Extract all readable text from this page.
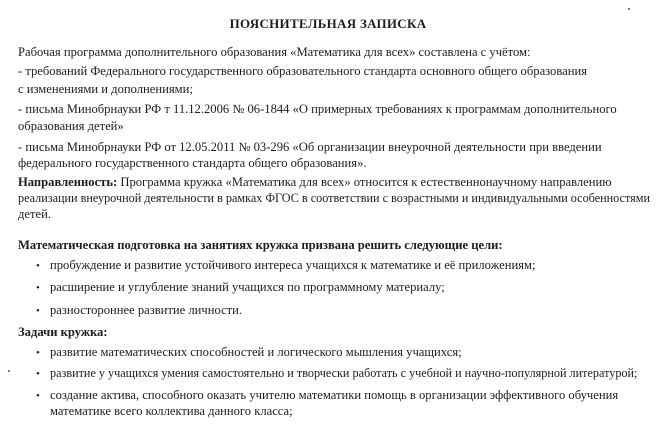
ПОЯСНИТЕЛЬНАЯ ЗАПИСКА
Рабочая программа дополнительного образования «Математика для всех» составлена с учётом:
- требований Федерального государственного образовательного стандарта основного общего образования
с изменениями и дополнениями;
- письма Минобрнауки РФ т 11.12.2006 № 06-1844 «О примерных требованиях к программам дополнительного
образования детей»
- письма Минобрнауки РФ от 12.05.2011 № 03-296 «Об организации внеурочной деятельности при введении
федерального государственного стандарта общего образования».
Направленность: Программа кружка «Математика для всех» относится к естественнонаучному направлению
реализации внеурочной деятельности в рамках ФГОС в соответствии с возрастными и индивидуальными особенностями
детей.
Математическая подготовка на занятиях кружка призвана решить следующие цели:
• пробуждение и развитие устойчивого интереса учащихся к математике и её приложениям;
• расширение и углубление знаний учащихся по программному материалу;
• разностороннее развитие личности.
Задачи кружка:
• развитие математических способностей и логического мышления учащихся;
• развитие у учащихся умения самостоятельно и творчески работать с учебной и научно-популярной литературой;
• создание актива, способного оказать учителю математики помощь в организации эффективного обучения
математике всего коллектива данного класса;
